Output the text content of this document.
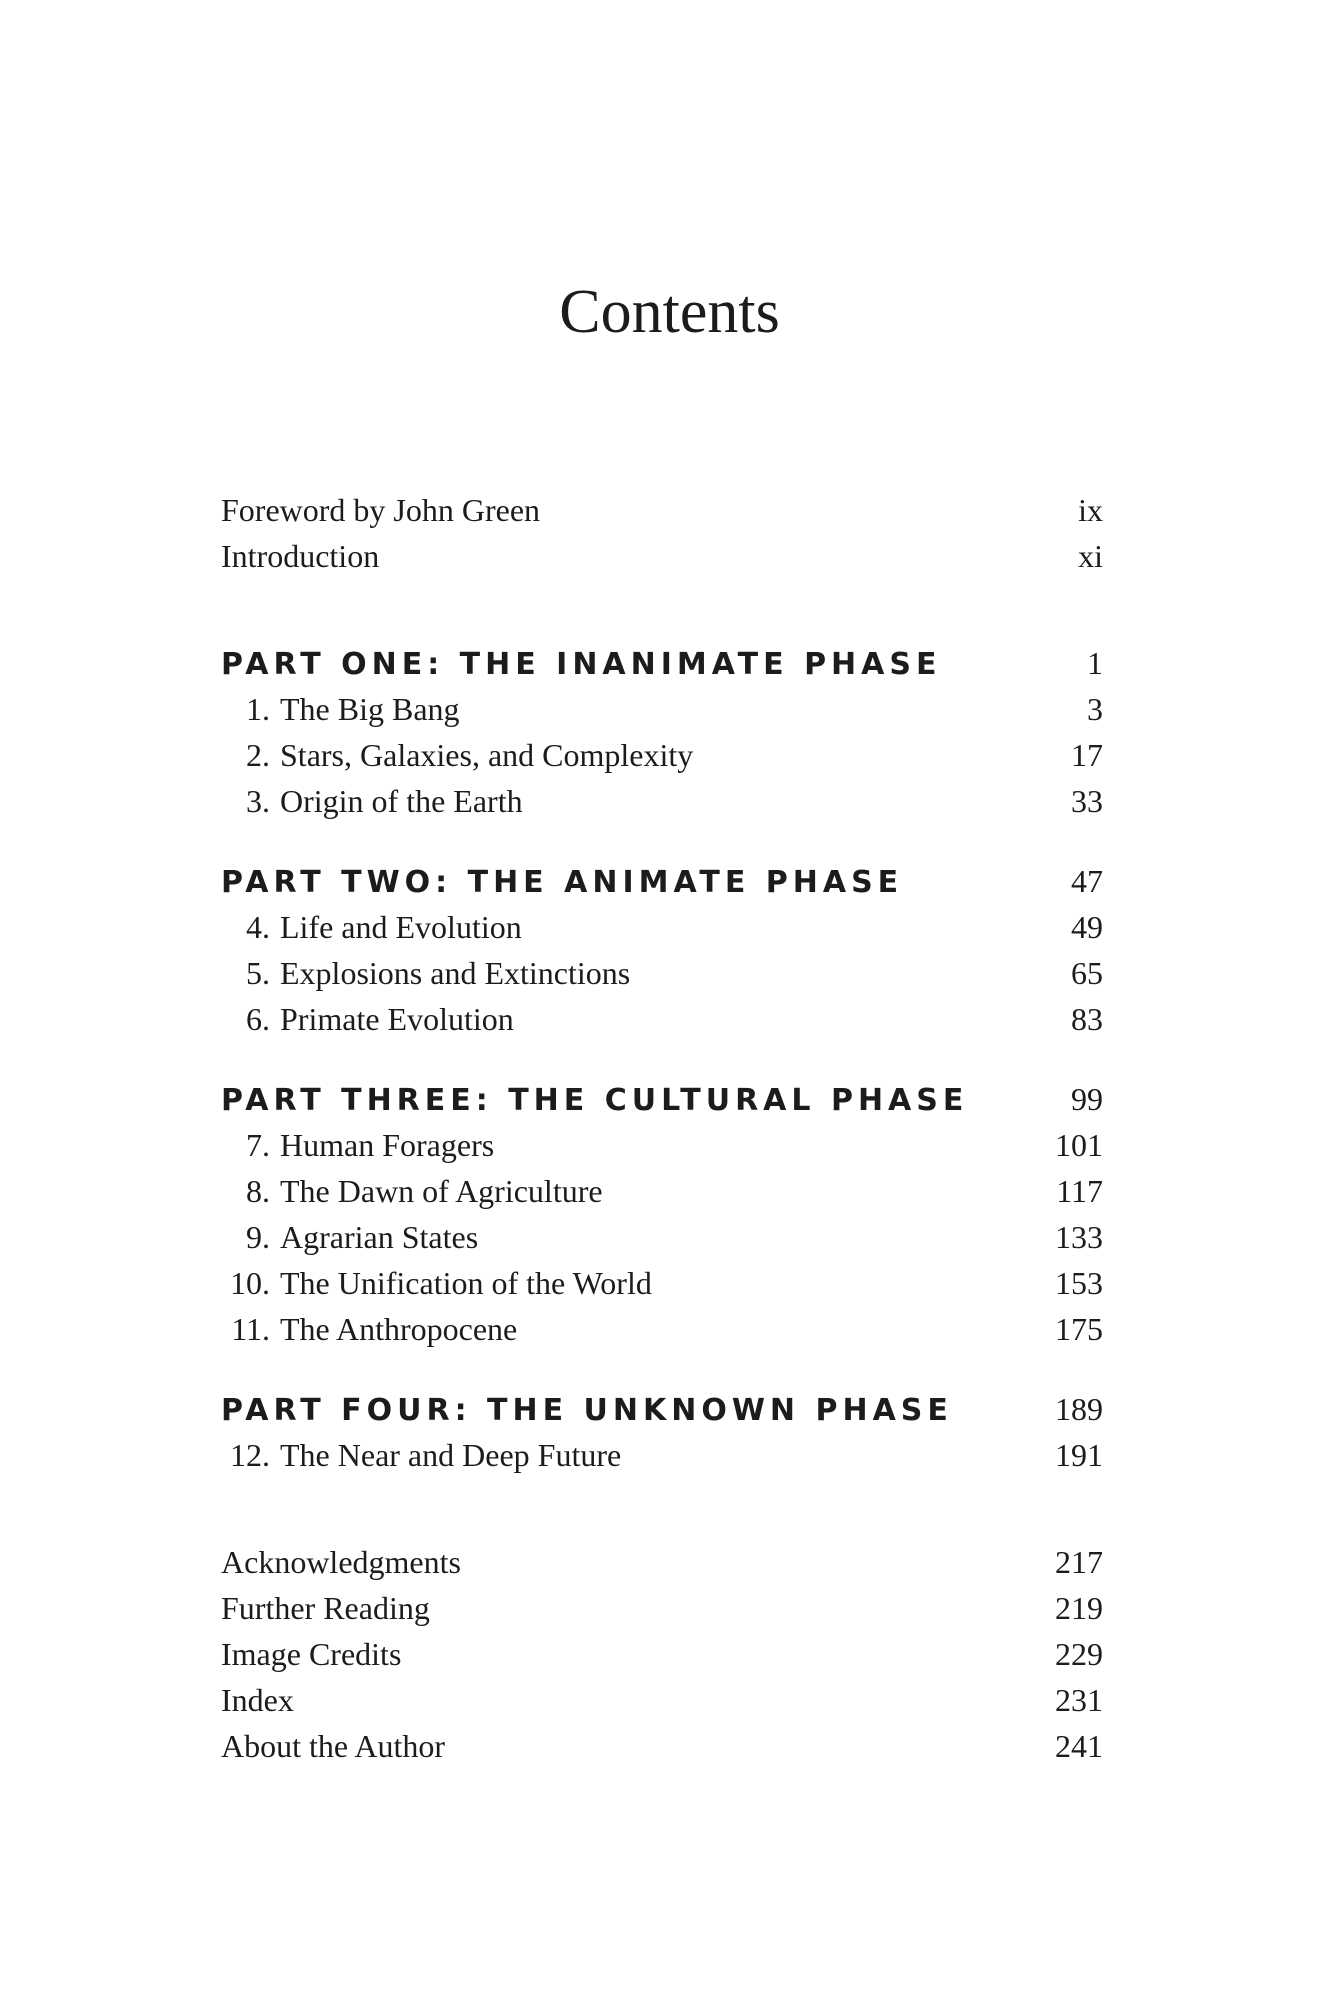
Contents
Foreword by John Green	ix
Introduction	xi
PART ONE: THE INANIMATE PHASE	1
1. The Big Bang	3
2. Stars, Galaxies, and Complexity	17
3. Origin of the Earth	33
PART TWO: THE ANIMATE PHASE	47
4. Life and Evolution	49
5. Explosions and Extinctions	65
6. Primate Evolution	83
PART THREE: THE CULTURAL PHASE	99
7. Human Foragers	101
8. The Dawn of Agriculture	117
9. Agrarian States	133
10. The Unification of the World	153
11. The Anthropocene	175
PART FOUR: THE UNKNOWN PHASE	189
12. The Near and Deep Future	191
Acknowledgments	217
Further Reading	219
Image Credits	229
Index	231
About the Author	241
